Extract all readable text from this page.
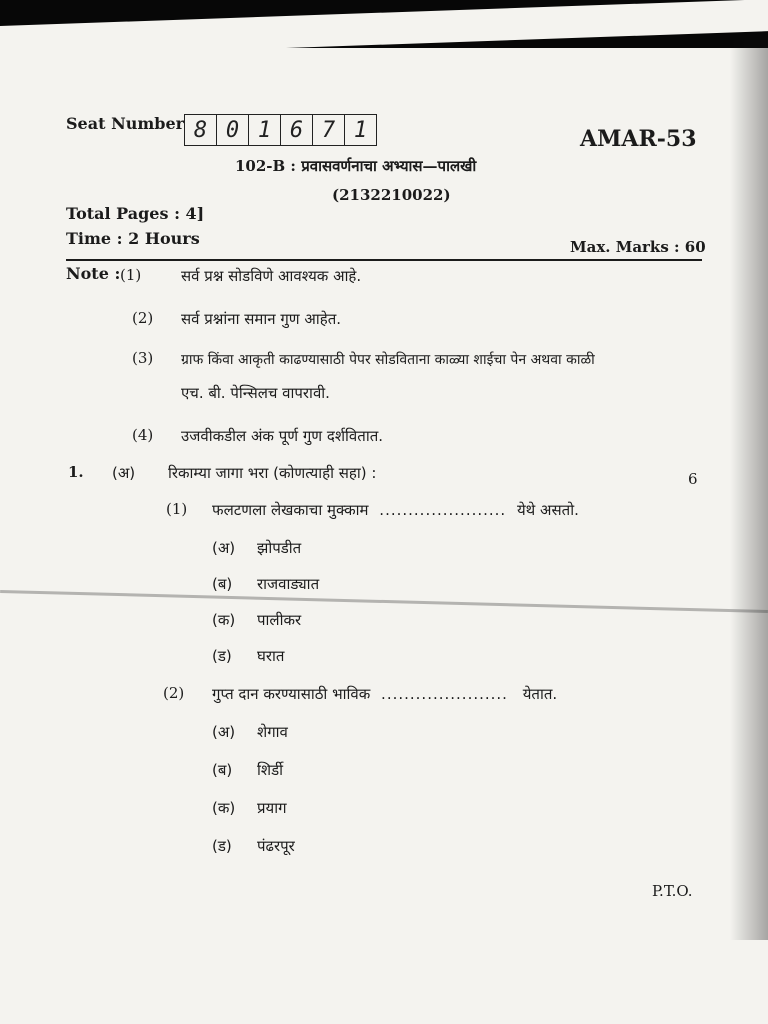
Seat Number 8 0 1 6 7 1	AMAR-53
102-B : प्रवासवर्णनाचा अभ्यास—पालखी
(2132210022)
Total Pages : 4]
Time : 2 Hours	Max. Marks : 60
Note : (1)	सर्व प्रश्न सोडविणे आवश्यक आहे.
(2) सर्व प्रश्नांना समान गुण आहेत.
(3) ग्राफ किंवा आकृती काढण्यासाठी पेपर सोडविताना काळ्या शाईचा पेन अथवा काळी
एच. बी. पेन्सिलच वापरावी.
(4) उजवीकडील अंक पूर्ण गुण दर्शवितात.
1. (अ) रिकाम्या जागा भरा (कोणत्याही सहा) :	6
(1) फलटणला लेखकाचा मुक्काम ...................... येथे असतो.
(अ) झोपडीत
(ब) राजवाड्यात
(क) पालीकर
(ड) घरात
(2) गुप्त दान करण्यासाठी भाविक ...................... येतात.
(अ) शेगाव
(ब) शिर्डी
(क) प्रयाग
(ड) पंढरपूर
P.T.O.
